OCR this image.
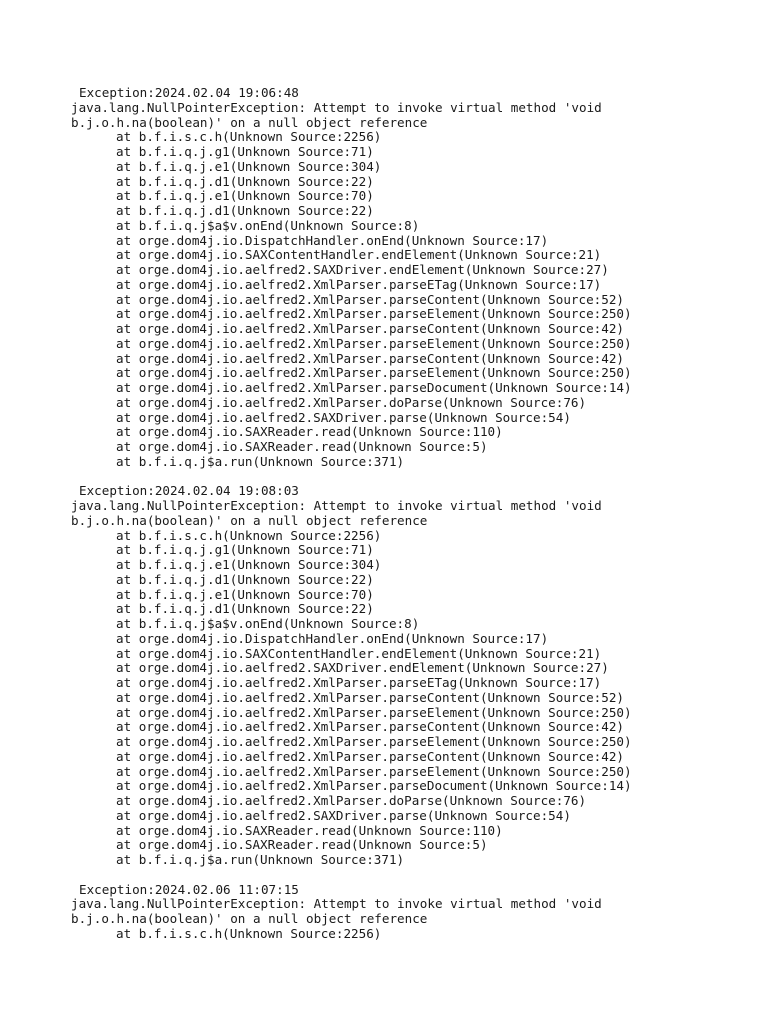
Exception:2024.02.04 19:06:48
java.lang.NullPointerException: Attempt to invoke virtual method 'void
b.j.o.h.na(boolean)' on a null object reference
at b.f.i.s.c.h(Unknown Source:2256)
at b.f.i.q.j.g1(Unknown Source:71)
at b.f.i.q.j.e1(Unknown Source:304)
at b.f.i.q.j.d1(Unknown Source:22)
at b.f.i.q.j.e1(Unknown Source:70)
at b.f.i.q.j.d1(Unknown Source:22)
at b.f.i.q.j$a$v.onEnd(Unknown Source:8)
at orge.dom4j.io.DispatchHandler.onEnd(Unknown Source:17)
at orge.dom4j.io.SAXContentHandler.endElement(Unknown Source:21)
at orge.dom4j.io.aelfred2.SAXDriver.endElement(Unknown Source:27)
at orge.dom4j.io.aelfred2.XmlParser.parseETag(Unknown Source:17)
at orge.dom4j.io.aelfred2.XmlParser.parseContent(Unknown Source:52)
at orge.dom4j.io.aelfred2.XmlParser.parseElement(Unknown Source:250)
at orge.dom4j.io.aelfred2.XmlParser.parseContent(Unknown Source:42)
at orge.dom4j.io.aelfred2.XmlParser.parseElement(Unknown Source:250)
at orge.dom4j.io.aelfred2.XmlParser.parseContent(Unknown Source:42)
at orge.dom4j.io.aelfred2.XmlParser.parseElement(Unknown Source:250)
at orge.dom4j.io.aelfred2.XmlParser.parseDocument(Unknown Source:14)
at orge.dom4j.io.aelfred2.XmlParser.doParse(Unknown Source:76)
at orge.dom4j.io.aelfred2.SAXDriver.parse(Unknown Source:54)
at orge.dom4j.io.SAXReader.read(Unknown Source:110)
at orge.dom4j.io.SAXReader.read(Unknown Source:5)
at b.f.i.q.j$a.run(Unknown Source:371)
Exception:2024.02.04 19:08:03
java.lang.NullPointerException: Attempt to invoke virtual method 'void
b.j.o.h.na(boolean)' on a null object reference
at b.f.i.s.c.h(Unknown Source:2256)
at b.f.i.q.j.g1(Unknown Source:71)
at b.f.i.q.j.e1(Unknown Source:304)
at b.f.i.q.j.d1(Unknown Source:22)
at b.f.i.q.j.e1(Unknown Source:70)
at b.f.i.q.j.d1(Unknown Source:22)
at b.f.i.q.j$a$v.onEnd(Unknown Source:8)
at orge.dom4j.io.DispatchHandler.onEnd(Unknown Source:17)
at orge.dom4j.io.SAXContentHandler.endElement(Unknown Source:21)
at orge.dom4j.io.aelfred2.SAXDriver.endElement(Unknown Source:27)
at orge.dom4j.io.aelfred2.XmlParser.parseETag(Unknown Source:17)
at orge.dom4j.io.aelfred2.XmlParser.parseContent(Unknown Source:52)
at orge.dom4j.io.aelfred2.XmlParser.parseElement(Unknown Source:250)
at orge.dom4j.io.aelfred2.XmlParser.parseContent(Unknown Source:42)
at orge.dom4j.io.aelfred2.XmlParser.parseElement(Unknown Source:250)
at orge.dom4j.io.aelfred2.XmlParser.parseContent(Unknown Source:42)
at orge.dom4j.io.aelfred2.XmlParser.parseElement(Unknown Source:250)
at orge.dom4j.io.aelfred2.XmlParser.parseDocument(Unknown Source:14)
at orge.dom4j.io.aelfred2.XmlParser.doParse(Unknown Source:76)
at orge.dom4j.io.aelfred2.SAXDriver.parse(Unknown Source:54)
at orge.dom4j.io.SAXReader.read(Unknown Source:110)
at orge.dom4j.io.SAXReader.read(Unknown Source:5)
at b.f.i.q.j$a.run(Unknown Source:371)
Exception:2024.02.06 11:07:15
java.lang.NullPointerException: Attempt to invoke virtual method 'void
b.j.o.h.na(boolean)' on a null object reference
at b.f.i.s.c.h(Unknown Source:2256)
